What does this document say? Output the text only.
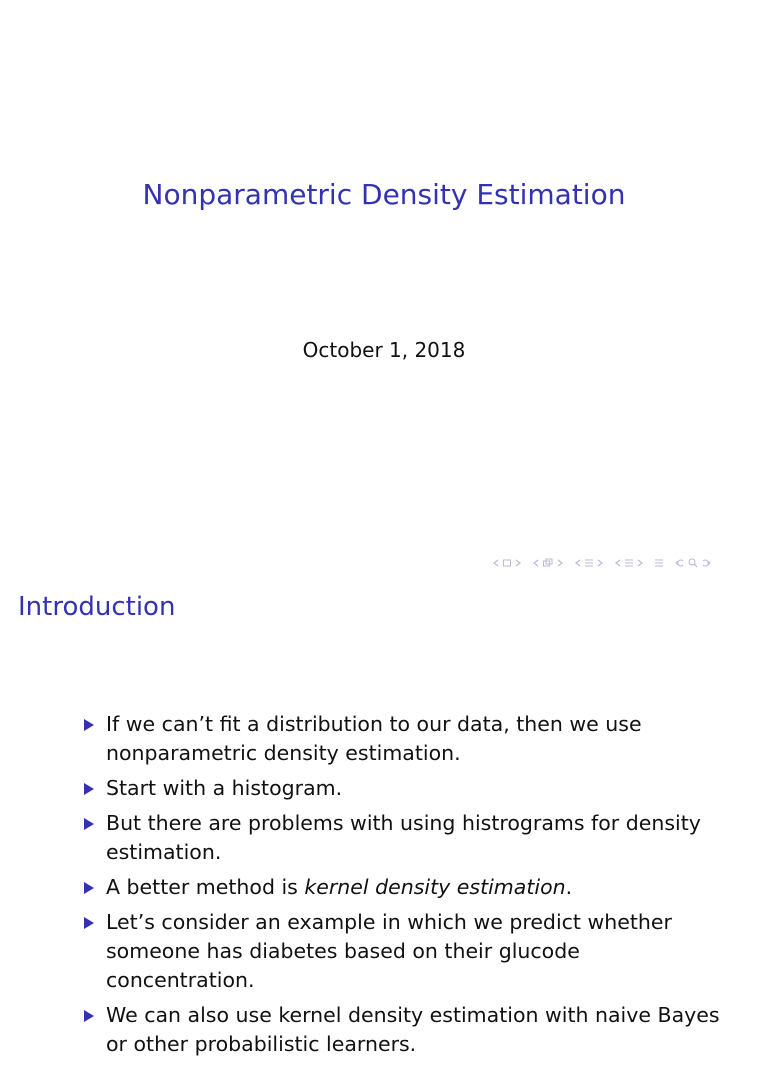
Nonparametric Density Estimation
October 1, 2018
Introduction
If we can’t fit a distribution to our data, then we use nonparametric density estimation.
Start with a histogram.
But there are problems with using histrograms for density estimation.
A better method is kernel density estimation.
Let’s consider an example in which we predict whether someone has diabetes based on their glucode concentration.
We can also use kernel density estimation with naive Bayes or other probabilistic learners.
